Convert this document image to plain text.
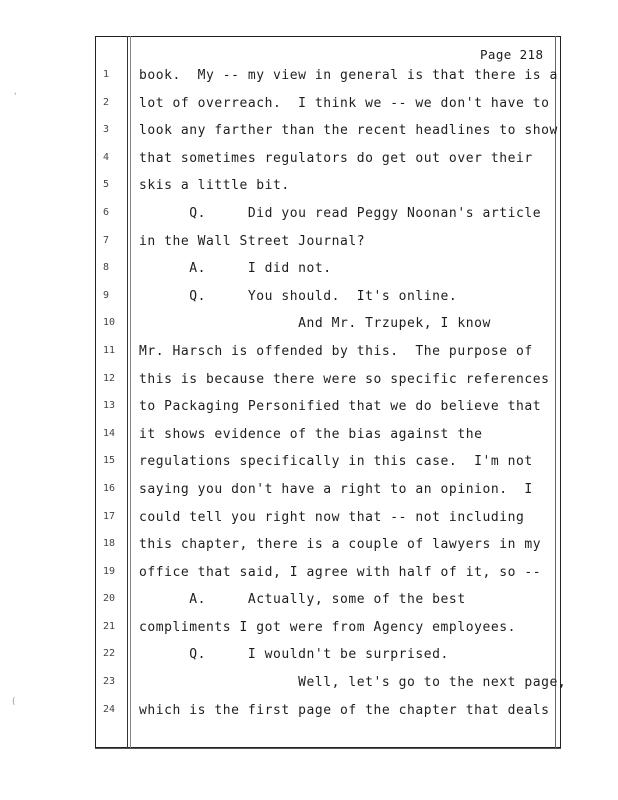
Page 218
1	book.  My -- my view in general is that there is a
2	lot of overreach.  I think we -- we don't have to
3	look any farther than the recent headlines to show
4	that sometimes regulators do get out over their
5	skis a little bit.
6	Q.     Did you read Peggy Noonan's article
7	in the Wall Street Journal?
8	A.     I did not.
9	Q.     You should.  It's online.
10	And Mr. Trzupek, I know
11	Mr. Harsch is offended by this.  The purpose of
12	this is because there were so specific references
13	to Packaging Personified that we do believe that
14	it shows evidence of the bias against the
15	regulations specifically in this case.  I'm not
16	saying you don't have a right to an opinion.  I
17	could tell you right now that -- not including
18	this chapter, there is a couple of lawyers in my
19	office that said, I agree with half of it, so --
20	A.     Actually, some of the best
21	compliments I got were from Agency employees.
22	Q.     I wouldn't be surprised.
23	Well, let's go to the next page,
24	which is the first page of the chapter that deals
'
(
